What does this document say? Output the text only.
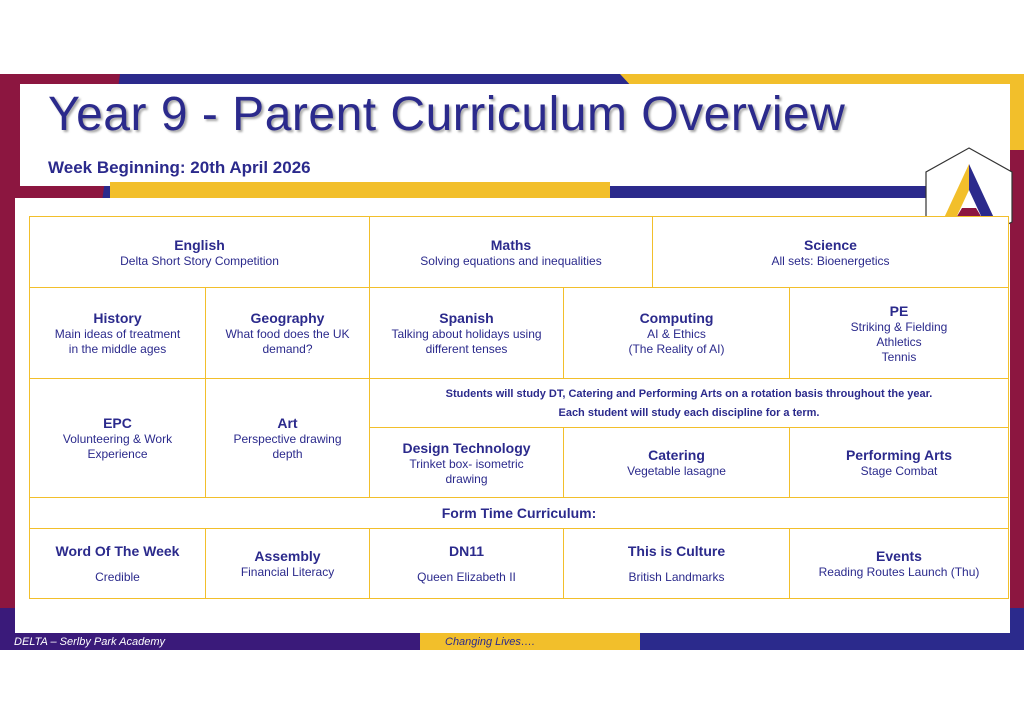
Year 9 - Parent Curriculum Overview
Week Beginning: 20th April 2026
English
Delta Short Story Competition
Maths
Solving equations and inequalities
Science
All sets: Bioenergetics
History
Main ideas of treatment
in the middle ages
Geography
What food does the UK
demand?
Spanish
Talking about holidays using
different tenses
Computing
AI & Ethics
(The Reality of AI)
PE
Striking & Fielding
Athletics
Tennis
EPC
Volunteering & Work
Experience
Art
Perspective drawing
depth
Students will study DT, Catering and Performing Arts on a rotation basis throughout the year.
Each student will study each discipline for a term.
Design Technology
Trinket box- isometric
drawing
Catering
Vegetable lasagne
Performing Arts
Stage Combat
Form Time Curriculum:
Word Of The Week
Credible
Assembly
Financial Literacy
DN11
Queen Elizabeth II
This is Culture
British Landmarks
Events
Reading Routes Launch (Thu)
DELTA – Serlby Park Academy	Changing Lives….
